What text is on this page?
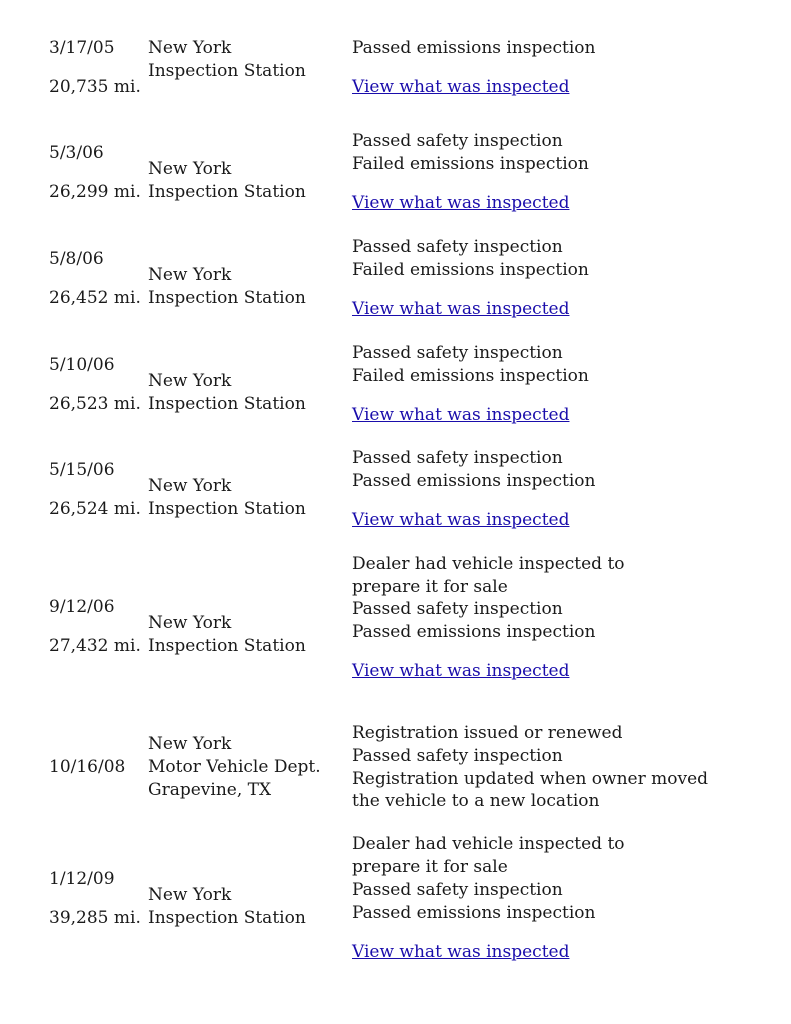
3/17/05
20,735 mi.
New York
Inspection Station
Passed emissions inspection
View what was inspected
5/3/06
26,299 mi.
New York
Inspection Station
Passed safety inspection
Failed emissions inspection
View what was inspected
5/8/06
26,452 mi.
New York
Inspection Station
Passed safety inspection
Failed emissions inspection
View what was inspected
5/10/06
26,523 mi.
New York
Inspection Station
Passed safety inspection
Failed emissions inspection
View what was inspected
5/15/06
26,524 mi.
New York
Inspection Station
Passed safety inspection
Passed emissions inspection
View what was inspected
9/12/06
27,432 mi.
New York
Inspection Station
Dealer had vehicle inspected to
prepare it for sale
Passed safety inspection
Passed emissions inspection
View what was inspected
10/16/08
New York
Motor Vehicle Dept.
Grapevine, TX
Registration issued or renewed
Passed safety inspection
Registration updated when owner moved
the vehicle to a new location
1/12/09
39,285 mi.
New York
Inspection Station
Dealer had vehicle inspected to
prepare it for sale
Passed safety inspection
Passed emissions inspection
View what was inspected
